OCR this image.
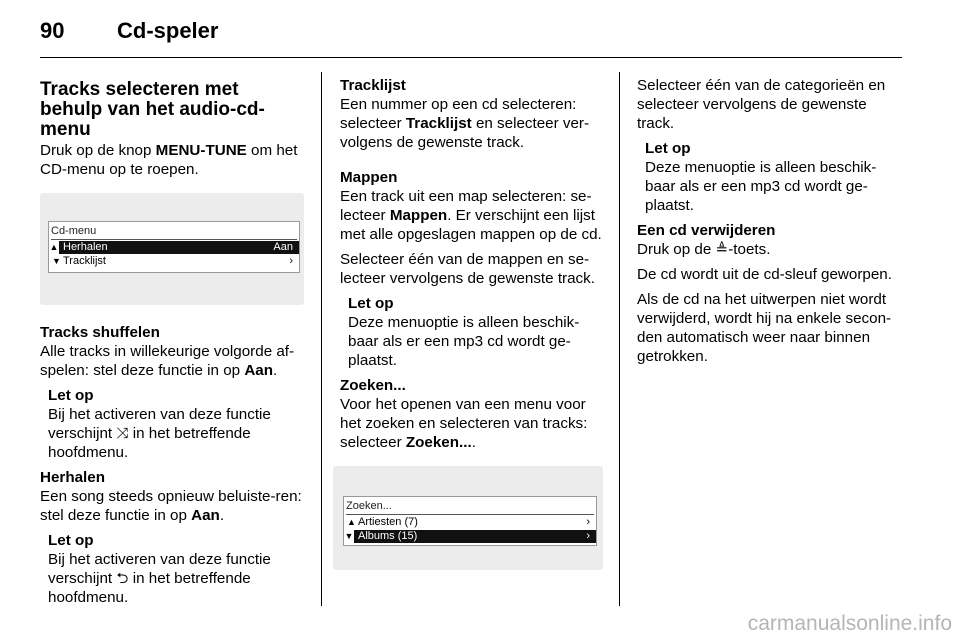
90 Cd-speler
Tracks selecteren met behulp van het audio-cd-menu

Druk op de knop MENU-TUNE om het CD-menu op te roepen.

Cd-menu
▲ Herhalen	Aan
▼ Tracklijst	›

Tracks shuffelen

Alle tracks in willekeurige volgorde af-spelen: stel deze functie in op Aan.

Let op
Bij het activeren van deze functie verschijnt ⤨ in het betreffende hoofdmenu.

Herhalen

Een song steeds opnieuw beluiste-ren: stel deze functie in op Aan.

Let op
Bij het activeren van deze functie verschijnt ⮌ in het betreffende hoofdmenu.

Tracklijst

Een nummer op een cd selecteren: selecteer Tracklijst en selecteer ver-volgens de gewenste track.

Mappen

Een track uit een map selecteren: se-lecteer Mappen. Er verschijnt een lijst met alle opgeslagen mappen op de cd.

Selecteer één van de mappen en se-lecteer vervolgens de gewenste track.

Let op
Deze menuoptie is alleen beschik-baar als er een mp3 cd wordt ge-plaatst.

Zoeken...

Voor het openen van een menu voor het zoeken en selecteren van tracks: selecteer Zoeken....

Zoeken...
▲ Artiesten (7)	›
▼ Albums (15)	›

Selecteer één van de categorieën en selecteer vervolgens de gewenste track.

Let op
Deze menuoptie is alleen beschik-baar als er een mp3 cd wordt ge-plaatst.

Een cd verwijderen

Druk op de ≜-toets.

De cd wordt uit de cd-sleuf geworpen.

Als de cd na het uitwerpen niet wordt verwijderd, wordt hij na enkele secon-den automatisch weer naar binnen getrokken.

carmanualsonline.info
